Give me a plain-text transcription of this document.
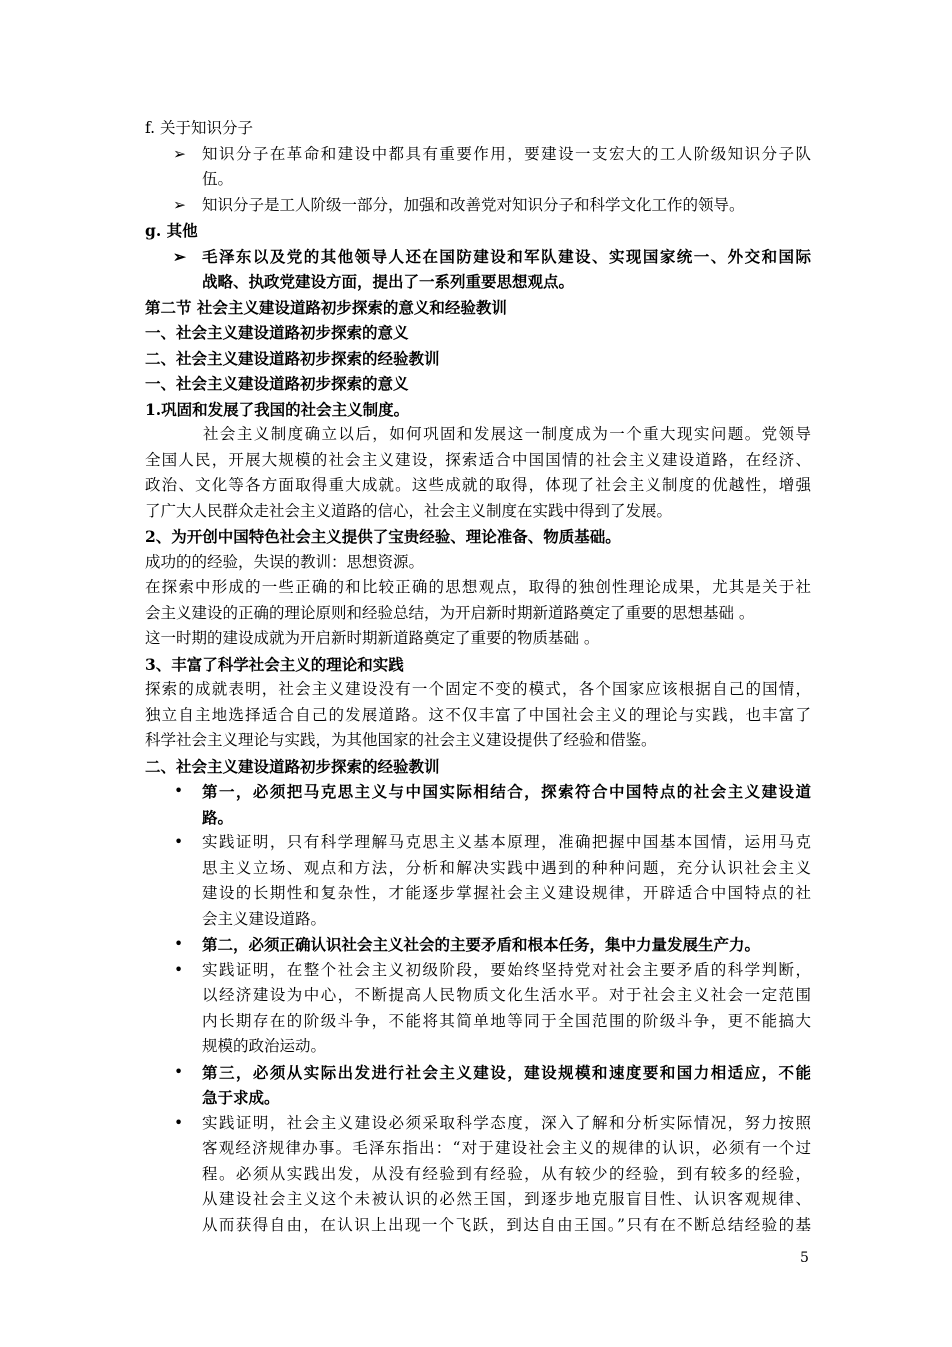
f. 关于知识分子
➢ 知识分子在革命和建设中都具有重要作用，要建设一支宏大的工人阶级知识分子队
伍。
➢ 知识分子是工人阶级一部分，加强和改善党对知识分子和科学文化工作的领导。
g. 其他
➢ 毛泽东以及党的其他领导人还在国防建设和军队建设、实现国家统一、外交和国际
战略、执政党建设方面，提出了一系列重要思想观点。
第二节 社会主义建设道路初步探索的意义和经验教训
一、社会主义建设道路初步探索的意义
二、社会主义建设道路初步探索的经验教训
一、社会主义建设道路初步探索的意义
1.巩固和发展了我国的社会主义制度。
社会主义制度确立以后，如何巩固和发展这一制度成为一个重大现实问题。党领导
全国人民，开展大规模的社会主义建设，探索适合中国国情的社会主义建设道路，在经济、
政治、文化等各方面取得重大成就。这些成就的取得，体现了社会主义制度的优越性，增强
了广大人民群众走社会主义道路的信心，社会主义制度在实践中得到了发展。
2、为开创中国特色社会主义提供了宝贵经验、理论准备、物质基础。
成功的的经验，失误的教训：思想资源。
在探索中形成的一些正确的和比较正确的思想观点，取得的独创性理论成果，尤其是关于社
会主义建设的正确的理论原则和经验总结，为开启新时期新道路奠定了重要的思想基础 。
这一时期的建设成就为开启新时期新道路奠定了重要的物质基础 。
3、丰富了科学社会主义的理论和实践
探索的成就表明，社会主义建设没有一个固定不变的模式，各个国家应该根据自己的国情，
独立自主地选择适合自己的发展道路。这不仅丰富了中国社会主义的理论与实践，也丰富了
科学社会主义理论与实践，为其他国家的社会主义建设提供了经验和借鉴。
二、社会主义建设道路初步探索的经验教训
• 第一，必须把马克思主义与中国实际相结合，探索符合中国特点的社会主义建设道
路。
• 实践证明，只有科学理解马克思主义基本原理，准确把握中国基本国情，运用马克
思主义立场、观点和方法，分析和解决实践中遇到的种种问题，充分认识社会主义
建设的长期性和复杂性，才能逐步掌握社会主义建设规律，开辟适合中国特点的社
会主义建设道路。
• 第二，必须正确认识社会主义社会的主要矛盾和根本任务，集中力量发展生产力。
• 实践证明，在整个社会主义初级阶段，要始终坚持党对社会主要矛盾的科学判断，
以经济建设为中心，不断提高人民物质文化生活水平。对于社会主义社会一定范围
内长期存在的阶级斗争，不能将其简单地等同于全国范围的阶级斗争，更不能搞大
规模的政治运动。
• 第三，必须从实际出发进行社会主义建设，建设规模和速度要和国力相适应，不能
急于求成。
• 实践证明，社会主义建设必须采取科学态度，深入了解和分析实际情况，努力按照
客观经济规律办事。毛泽东指出：“对于建设社会主义的规律的认识，必须有一个过
程。必须从实践出发，从没有经验到有经验，从有较少的经验，到有较多的经验，
从建设社会主义这个未被认识的必然王国，到逐步地克服盲目性、认识客观规律、
从而获得自由，在认识上出现一个飞跃，到达自由王国。”只有在不断总结经验的基
5
